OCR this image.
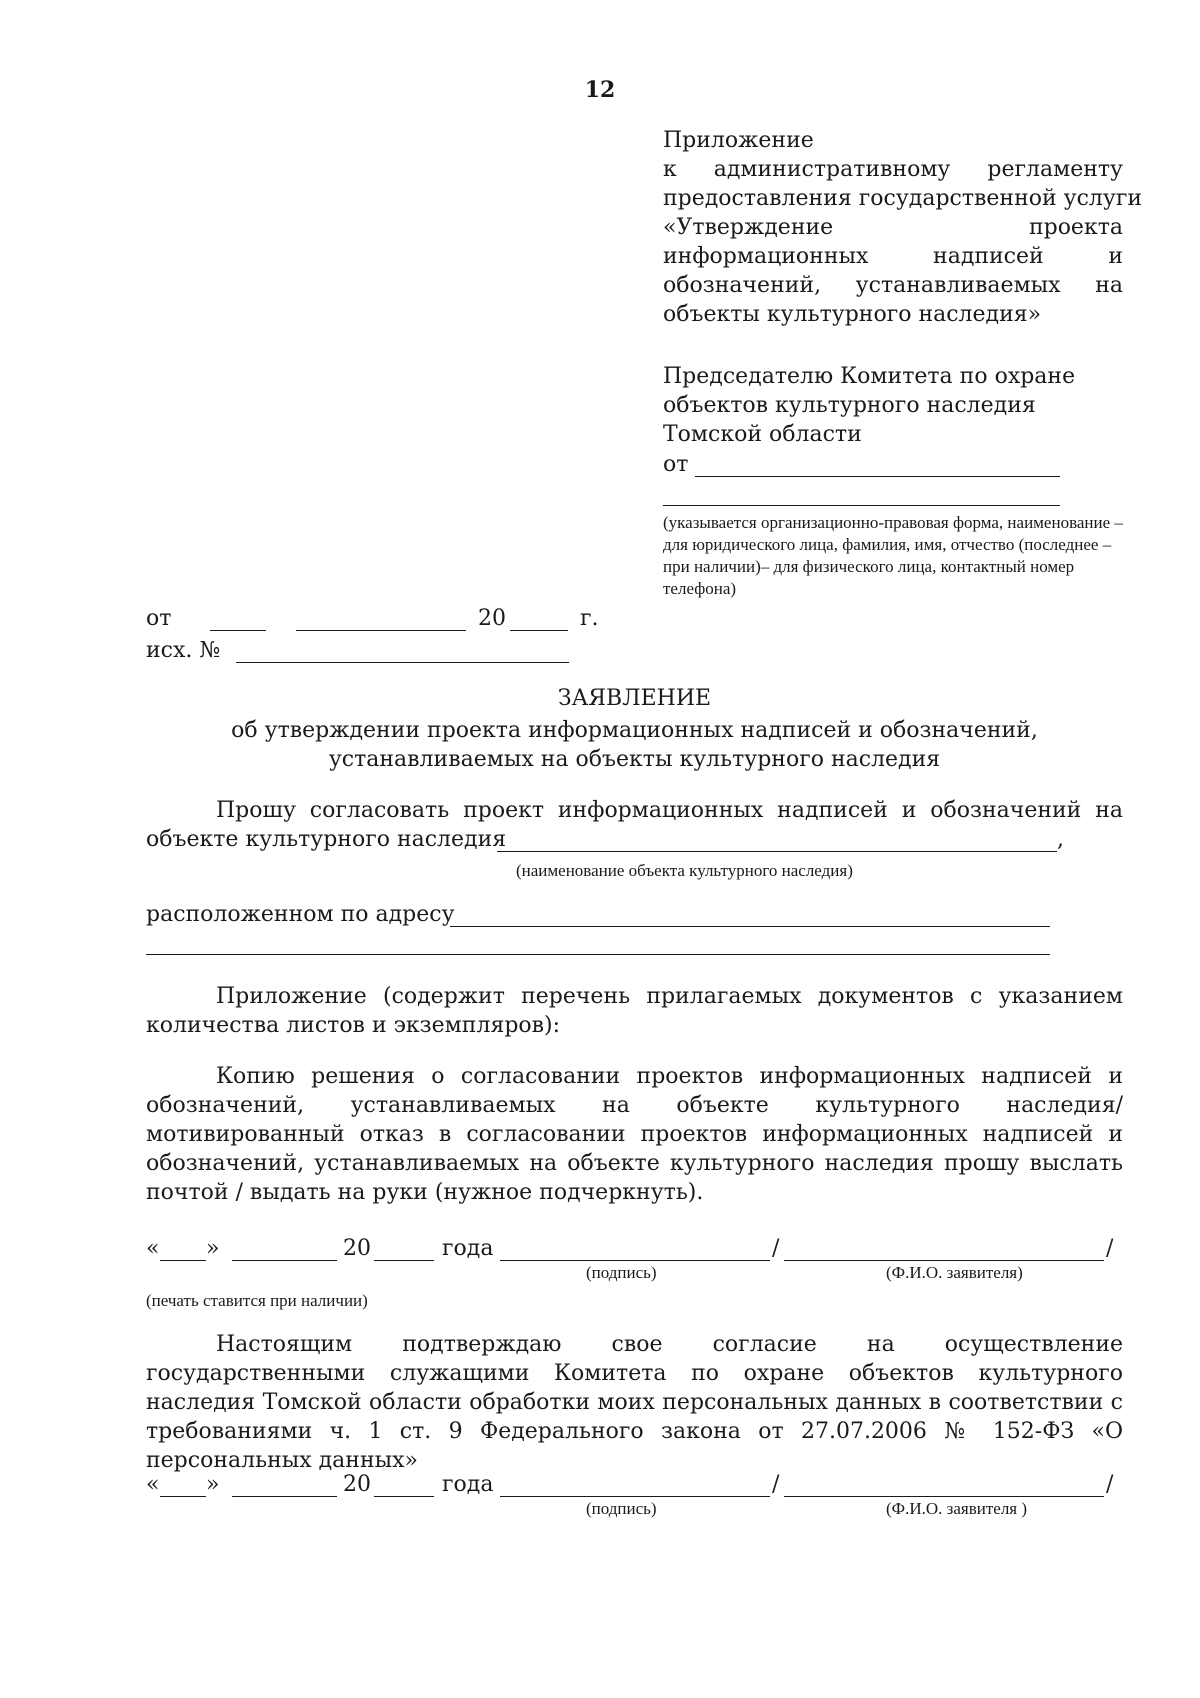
12
Приложение
к административному регламенту
предоставления государственной услуги
«Утверждение проекта
информационных надписей и
обозначений, устанавливаемых на
объекты культурного наследия»
Председателю Комитета по охране
объектов культурного наследия
Томской области
от
(указывается организационно-правовая форма, наименование – для юридического лица, фамилия, имя, отчество (последнее – при наличии)– для физического лица, контактный номер телефона)
от	20	г.
исх. №
ЗАЯВЛЕНИЕ
об утверждении проекта информационных надписей и обозначений, устанавливаемых на объекты культурного наследия
Прошу согласовать проект информационных надписей и обозначений на
объекте культурного наследия	,
(наименование объекта культурного наследия)
расположенном по адресу
Приложение (содержит перечень прилагаемых документов с указанием количества листов и экземпляров):
Копию решения о согласовании проектов информационных надписей и обозначений, устанавливаемых на объекте культурного наследия/ мотивированный отказ в согласовании проектов информационных надписей и обозначений, устанавливаемых на объекте культурного наследия прошу выслать почтой / выдать на руки (нужное подчеркнуть).
« »	20	года	/	/
(подпись)	(Ф.И.О. заявителя)
(печать ставится при наличии)
Настоящим подтверждаю свое согласие на осуществление государственными служащими Комитета по охране объектов культурного наследия Томской области обработки моих персональных данных в соответствии с требованиями ч. 1 ст. 9 Федерального закона от 27.07.2006 № 152-ФЗ «О персональных данных»
« »	20	года	/	/
(подпись)	(Ф.И.О. заявителя )
